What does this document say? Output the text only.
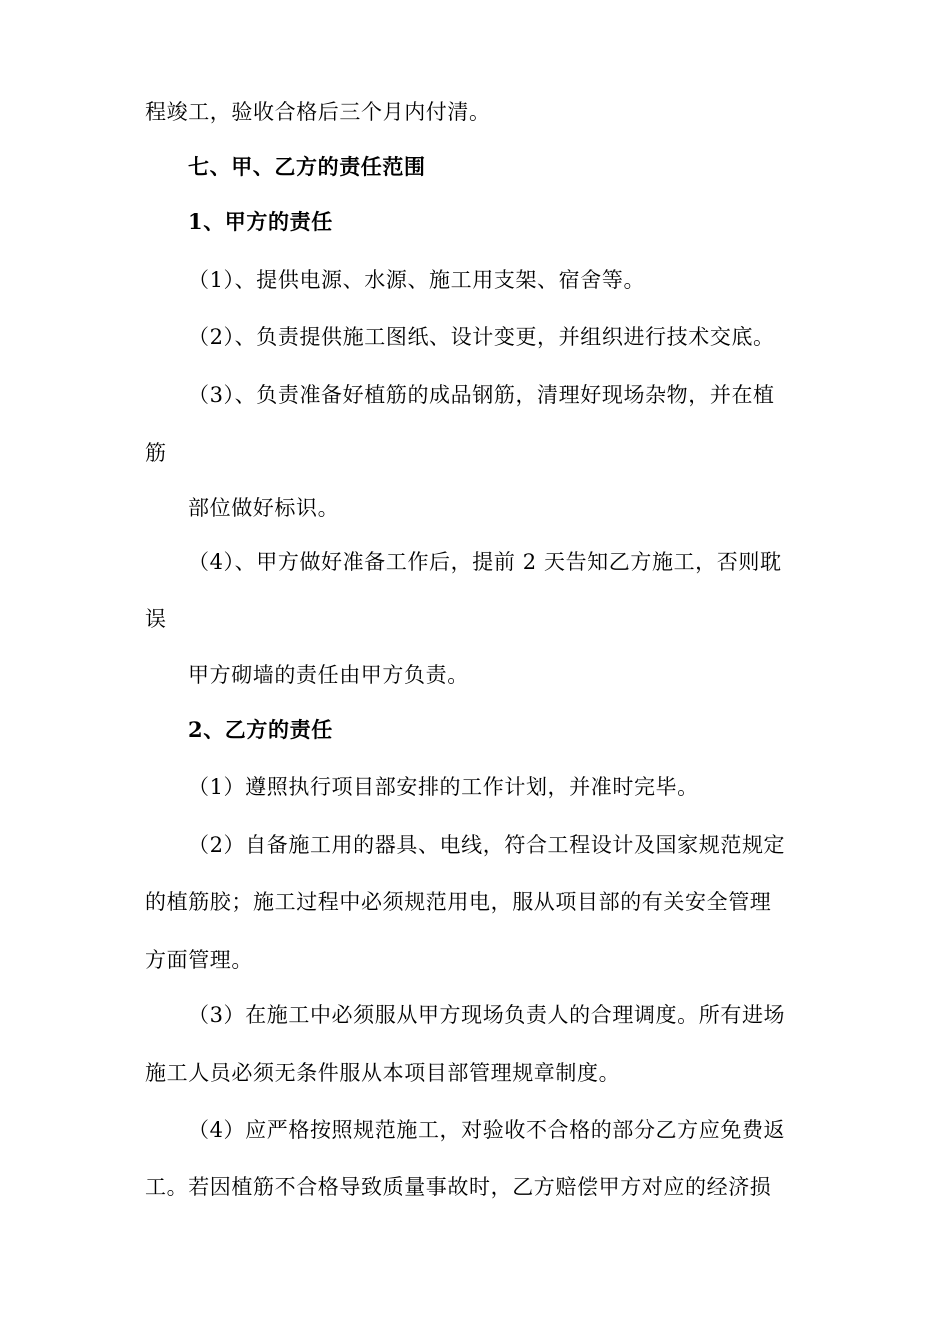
程竣工，验收合格后三个月内付清。
七、甲、乙方的责任范围
1、甲方的责任
（1）、提供电源、水源、施工用支架、宿舍等。
（2）、负责提供施工图纸、设计变更，并组织进行技术交底。
（3）、负责准备好植筋的成品钢筋，清理好现场杂物，并在植
筋
部位做好标识。
（4）、甲方做好准备工作后，提前 2 天告知乙方施工，否则耽
误
甲方砌墙的责任由甲方负责。
2、乙方的责任
（1）遵照执行项目部安排的工作计划，并准时完毕。
（2）自备施工用的器具、电线，符合工程设计及国家规范规定
的植筋胶；施工过程中必须规范用电，服从项目部的有关安全管理
方面管理。
（3）在施工中必须服从甲方现场负责人的合理调度。所有进场
施工人员必须无条件服从本项目部管理规章制度。
（4）应严格按照规范施工，对验收不合格的部分乙方应免费返
工。若因植筋不合格导致质量事故时，乙方赔偿甲方对应的经济损
